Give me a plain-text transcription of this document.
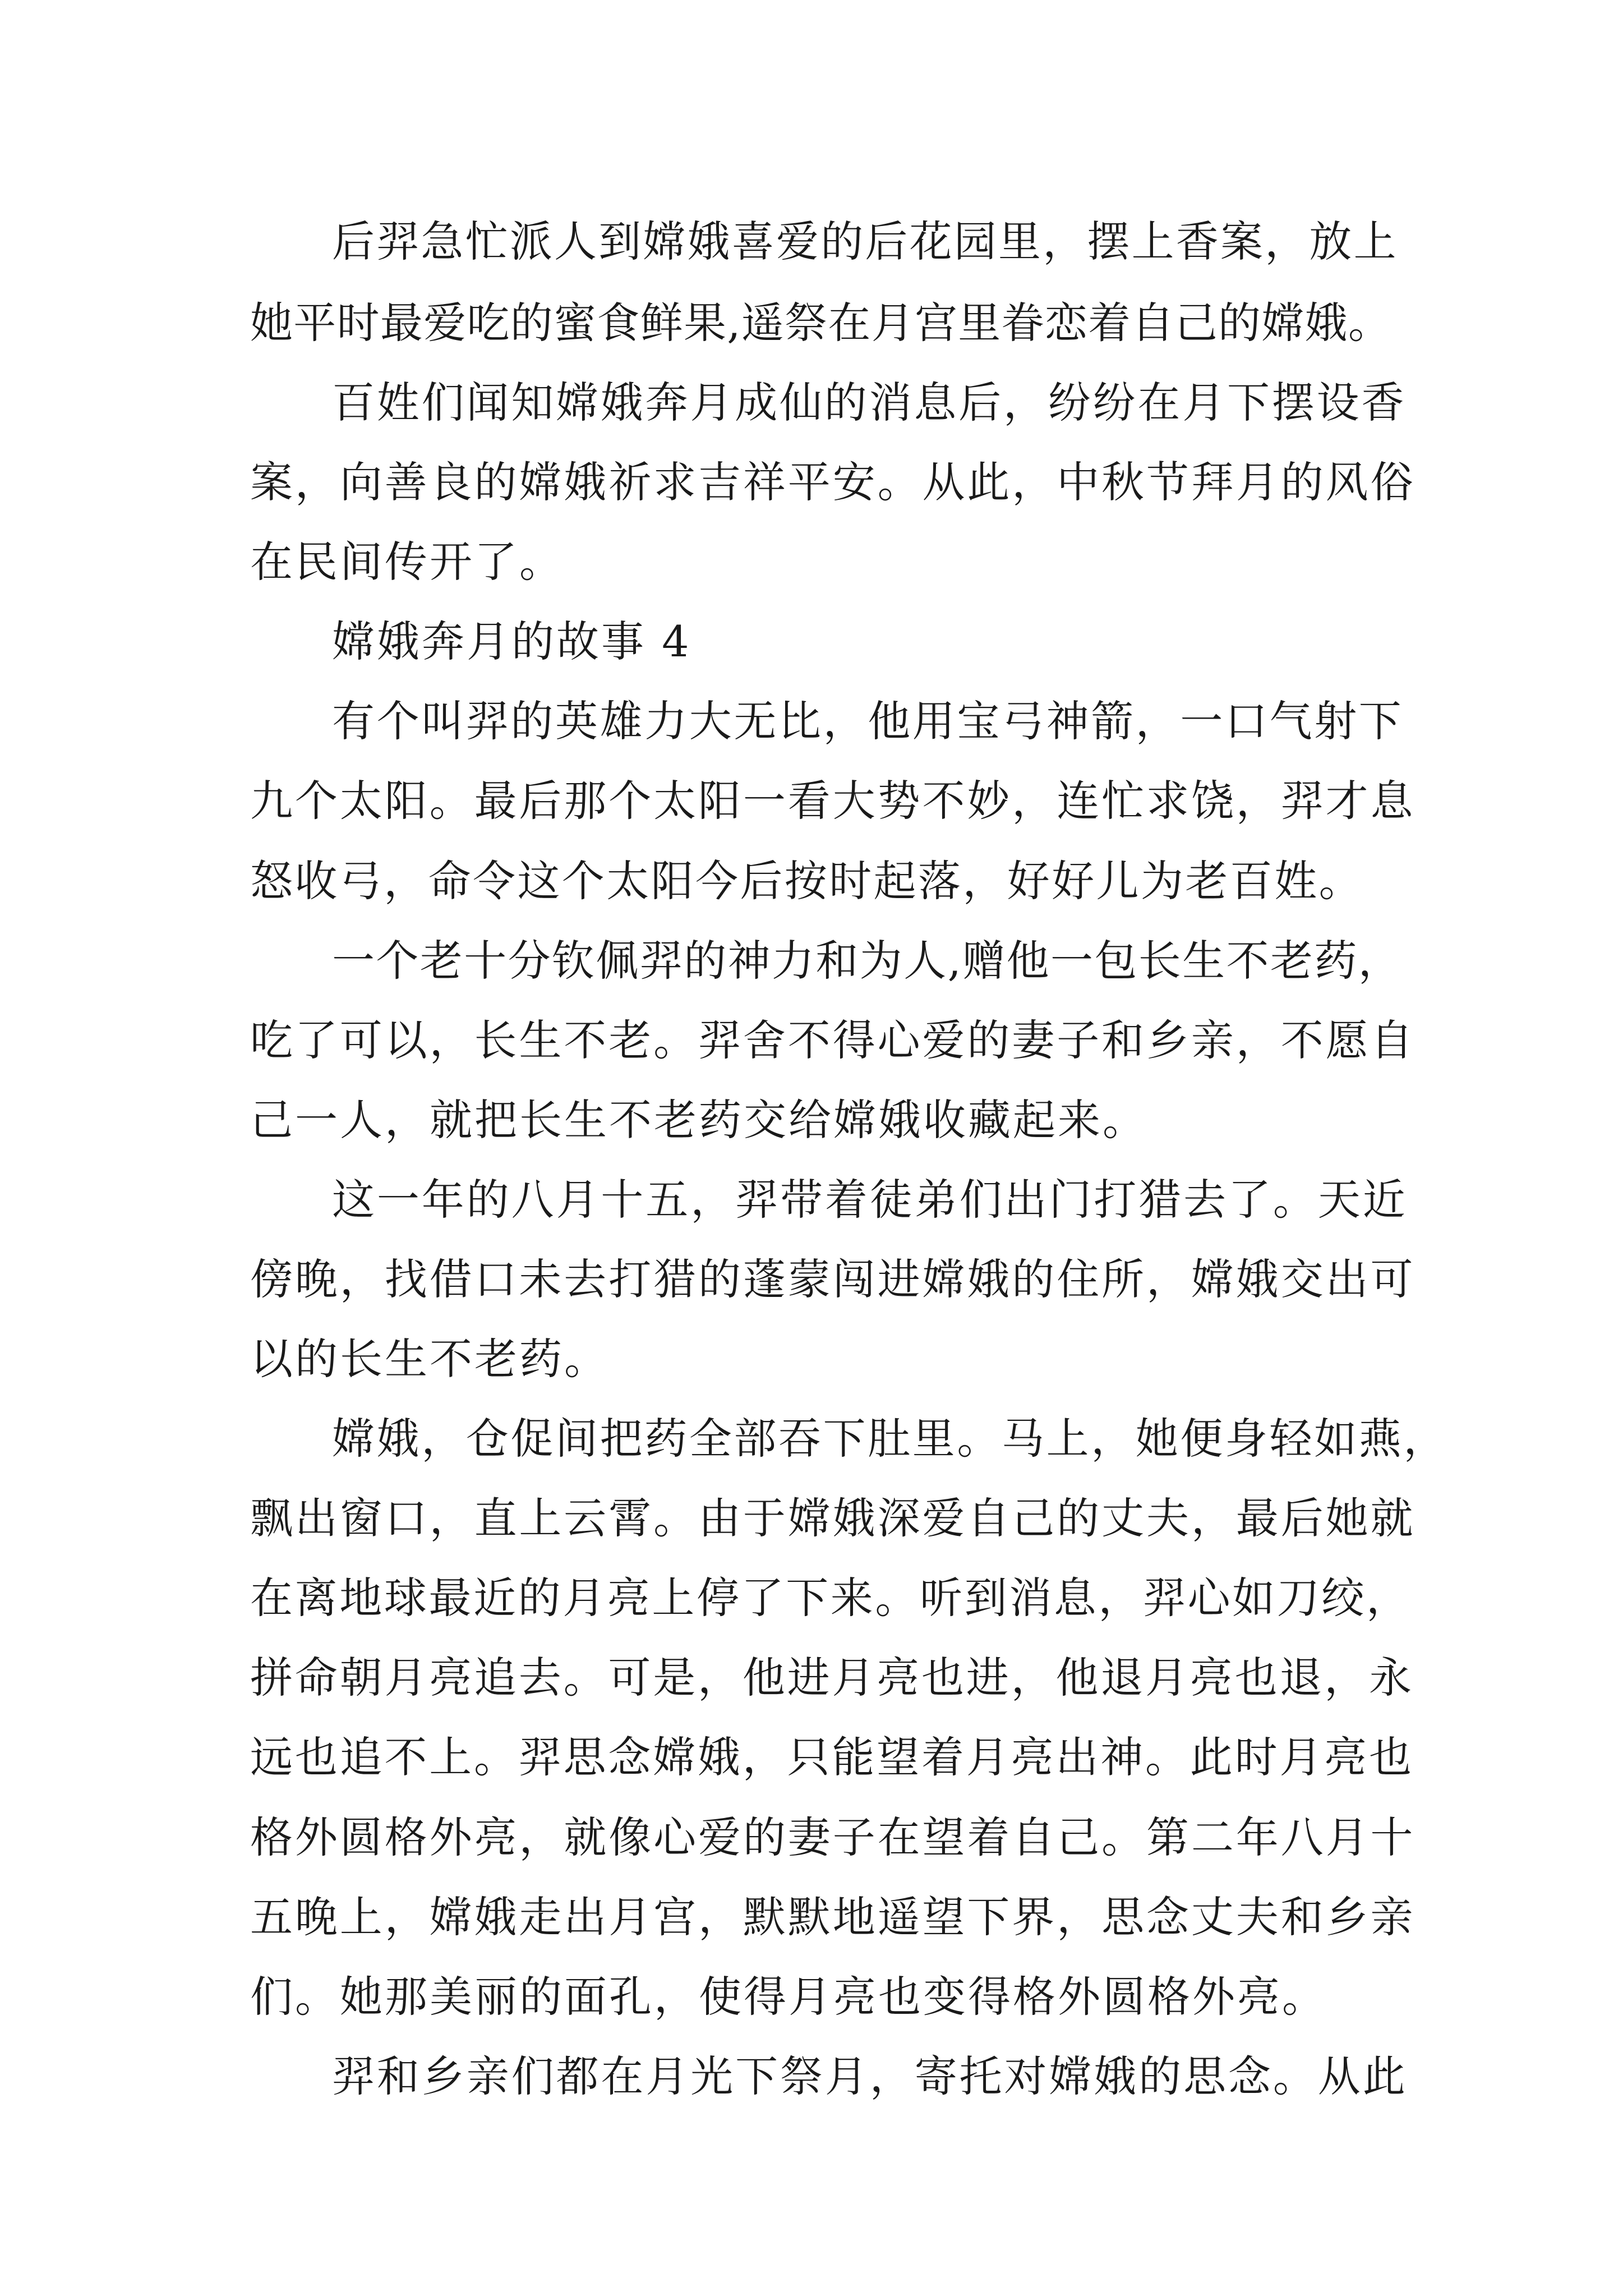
后羿急忙派人到嫦娥喜爱的后花园里，摆上香案，放上

她平时最爱吃的蜜食鲜果,遥祭在月宫里眷恋着自己的嫦娥。

百姓们闻知嫦娥奔月成仙的消息后，纷纷在月下摆设香

案，向善良的嫦娥祈求吉祥平安。从此，中秋节拜月的风俗

在民间传开了。

嫦娥奔月的故事 4

有个叫羿的英雄力大无比，他用宝弓神箭，一口气射下

九个太阳。最后那个太阳一看大势不妙，连忙求饶，羿才息

怒收弓，命令这个太阳今后按时起落，好好儿为老百姓。

一个老十分钦佩羿的神力和为人,赠他一包长生不老药，

吃了可以，长生不老。羿舍不得心爱的妻子和乡亲，不愿自

己一人，就把长生不老药交给嫦娥收藏起来。

这一年的八月十五，羿带着徒弟们出门打猎去了。天近

傍晚，找借口未去打猎的蓬蒙闯进嫦娥的住所，嫦娥交出可

以的长生不老药。

嫦娥，仓促间把药全部吞下肚里。马上，她便身轻如燕，

飘出窗口，直上云霄。由于嫦娥深爱自己的丈夫，最后她就

在离地球最近的月亮上停了下来。听到消息，羿心如刀绞，

拼命朝月亮追去。可是，他进月亮也进，他退月亮也退，永

远也追不上。羿思念嫦娥，只能望着月亮出神。此时月亮也

格外圆格外亮，就像心爱的妻子在望着自己。第二年八月十

五晚上，嫦娥走出月宫，默默地遥望下界，思念丈夫和乡亲

们。她那美丽的面孔，使得月亮也变得格外圆格外亮。

羿和乡亲们都在月光下祭月，寄托对嫦娥的思念。从此
